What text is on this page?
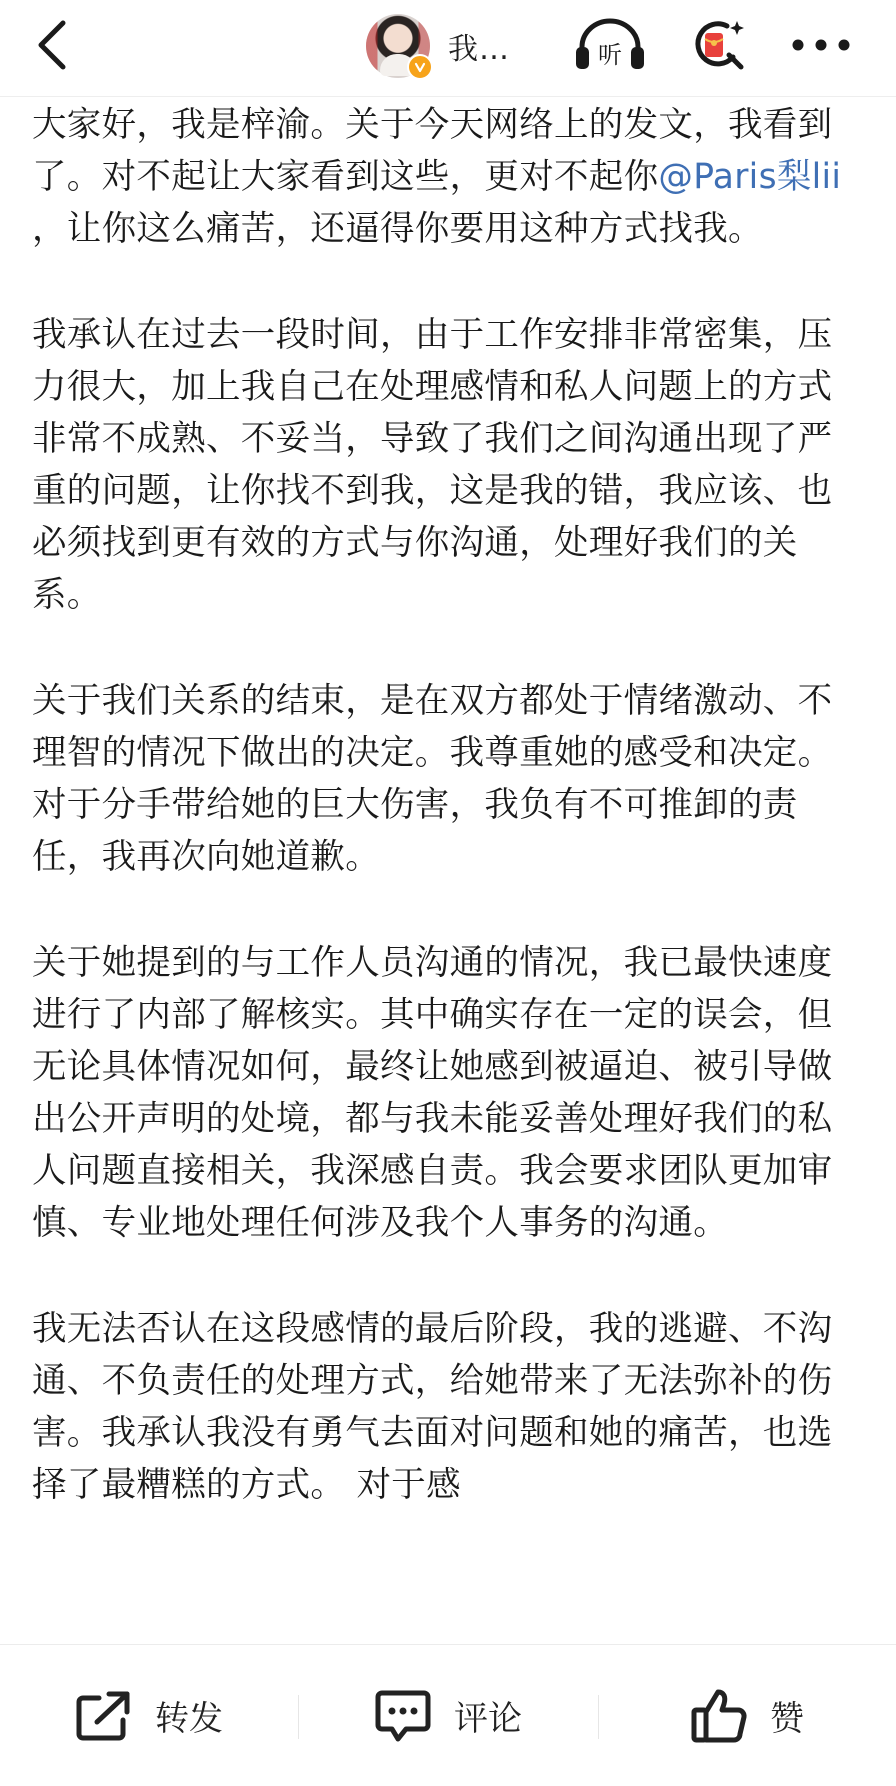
我…	听

大家好，我是梓渝。关于今天网络上的发文，我看到了。对不起让大家看到这些，更对不起你@Paris梨lii ，让你这么痛苦，还逼得你要用这种方式找我。

我承认在过去一段时间，由于工作安排非常密集，压力很大，加上我自己在处理感情和私人问题上的方式非常不成熟、不妥当，导致了我们之间沟通出现了严重的问题，让你找不到我，这是我的错，我应该、也必须找到更有效的方式与你沟通，处理好我们的关系。

关于我们关系的结束，是在双方都处于情绪激动、不理智的情况下做出的决定。我尊重她的感受和决定。 对于分手带给她的巨大伤害，我负有不可推卸的责任，我再次向她道歉。

关于她提到的与工作人员沟通的情况，我已最快速度进行了内部了解核实。其中确实存在一定的误会，但无论具体情况如何，最终让她感到被逼迫、被引导做出公开声明的处境，都与我未能妥善处理好我们的私人问题直接相关，我深感自责。我会要求团队更加审慎、专业地处理任何涉及我个人事务的沟通。

我无法否认在这段感情的最后阶段，我的逃避、不沟通、不负责任的处理方式，给她带来了无法弥补的伤害。我承认我没有勇气去面对问题和她的痛苦，也选择了最糟糕的方式。 对于感

转发	评论	赞
